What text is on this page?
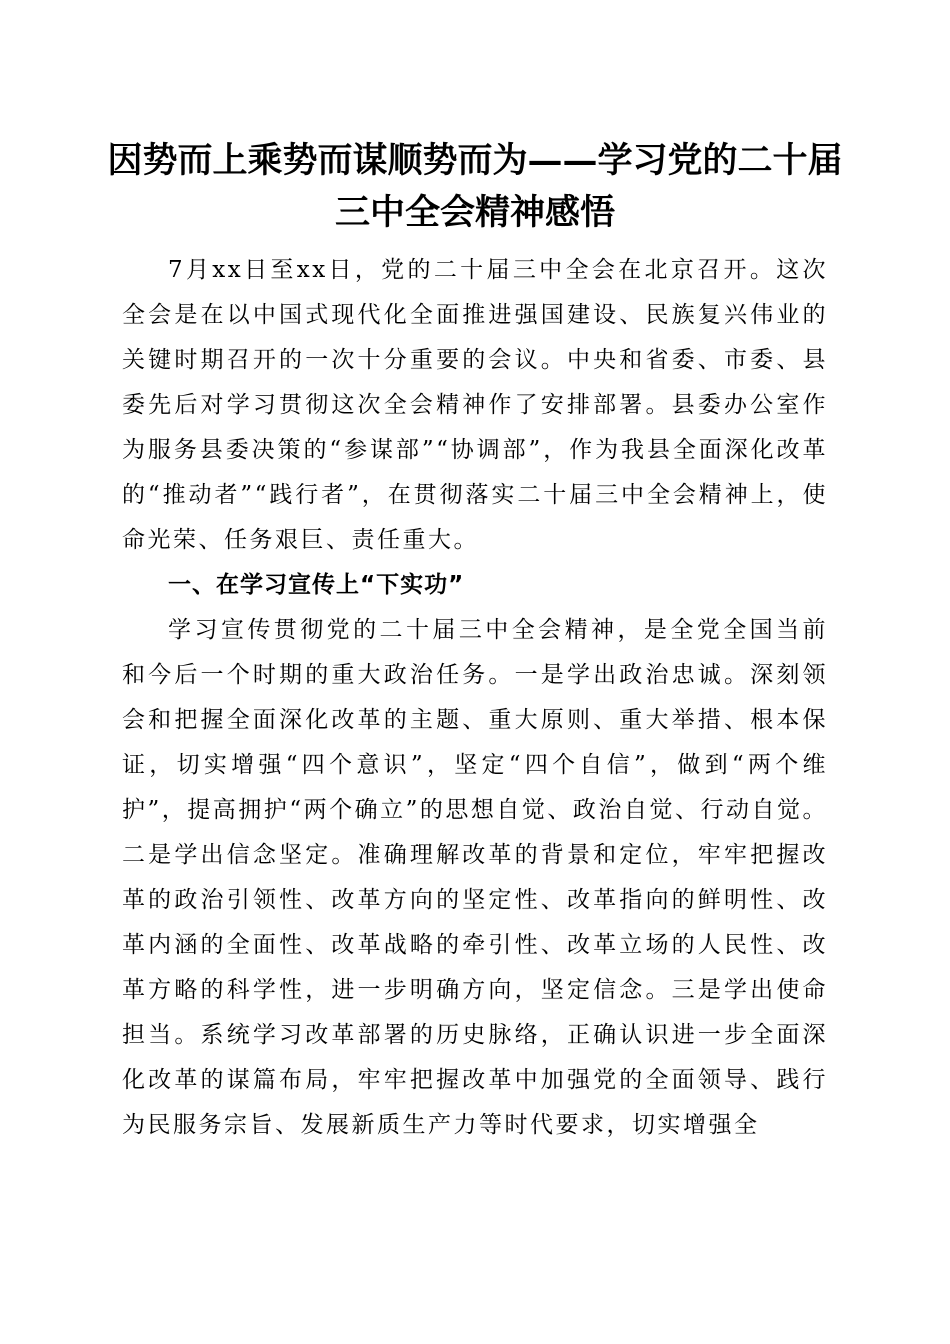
因势而上乘势而谋顺势而为——学习党的二十届三中全会精神感悟

7月xx日至xx日，党的二十届三中全会在北京召开。这次全会是在以中国式现代化全面推进强国建设、民族复兴伟业的关键时期召开的一次十分重要的会议。中央和省委、市委、县委先后对学习贯彻这次全会精神作了安排部署。县委办公室作为服务县委决策的“参谋部”“协调部”，作为我县全面深化改革的“推动者”“践行者”，在贯彻落实二十届三中全会精神上，使命光荣、任务艰巨、责任重大。

一、在学习宣传上“下实功”

学习宣传贯彻党的二十届三中全会精神，是全党全国当前和今后一个时期的重大政治任务。一是学出政治忠诚。深刻领会和把握全面深化改革的主题、重大原则、重大举措、根本保证，切实增强“四个意识”，坚定“四个自信”，做到“两个维护”，提高拥护“两个确立”的思想自觉、政治自觉、行动自觉。二是学出信念坚定。准确理解改革的背景和定位，牢牢把握改革的政治引领性、改革方向的坚定性、改革指向的鲜明性、改革内涵的全面性、改革战略的牵引性、改革立场的人民性、改革方略的科学性，进一步明确方向，坚定信念。三是学出使命担当。系统学习改革部署的历史脉络，正确认识进一步全面深化改革的谋篇布局，牢牢把握改革中加强党的全面领导、践行为民服务宗旨、发展新质生产力等时代要求，切实增强全
